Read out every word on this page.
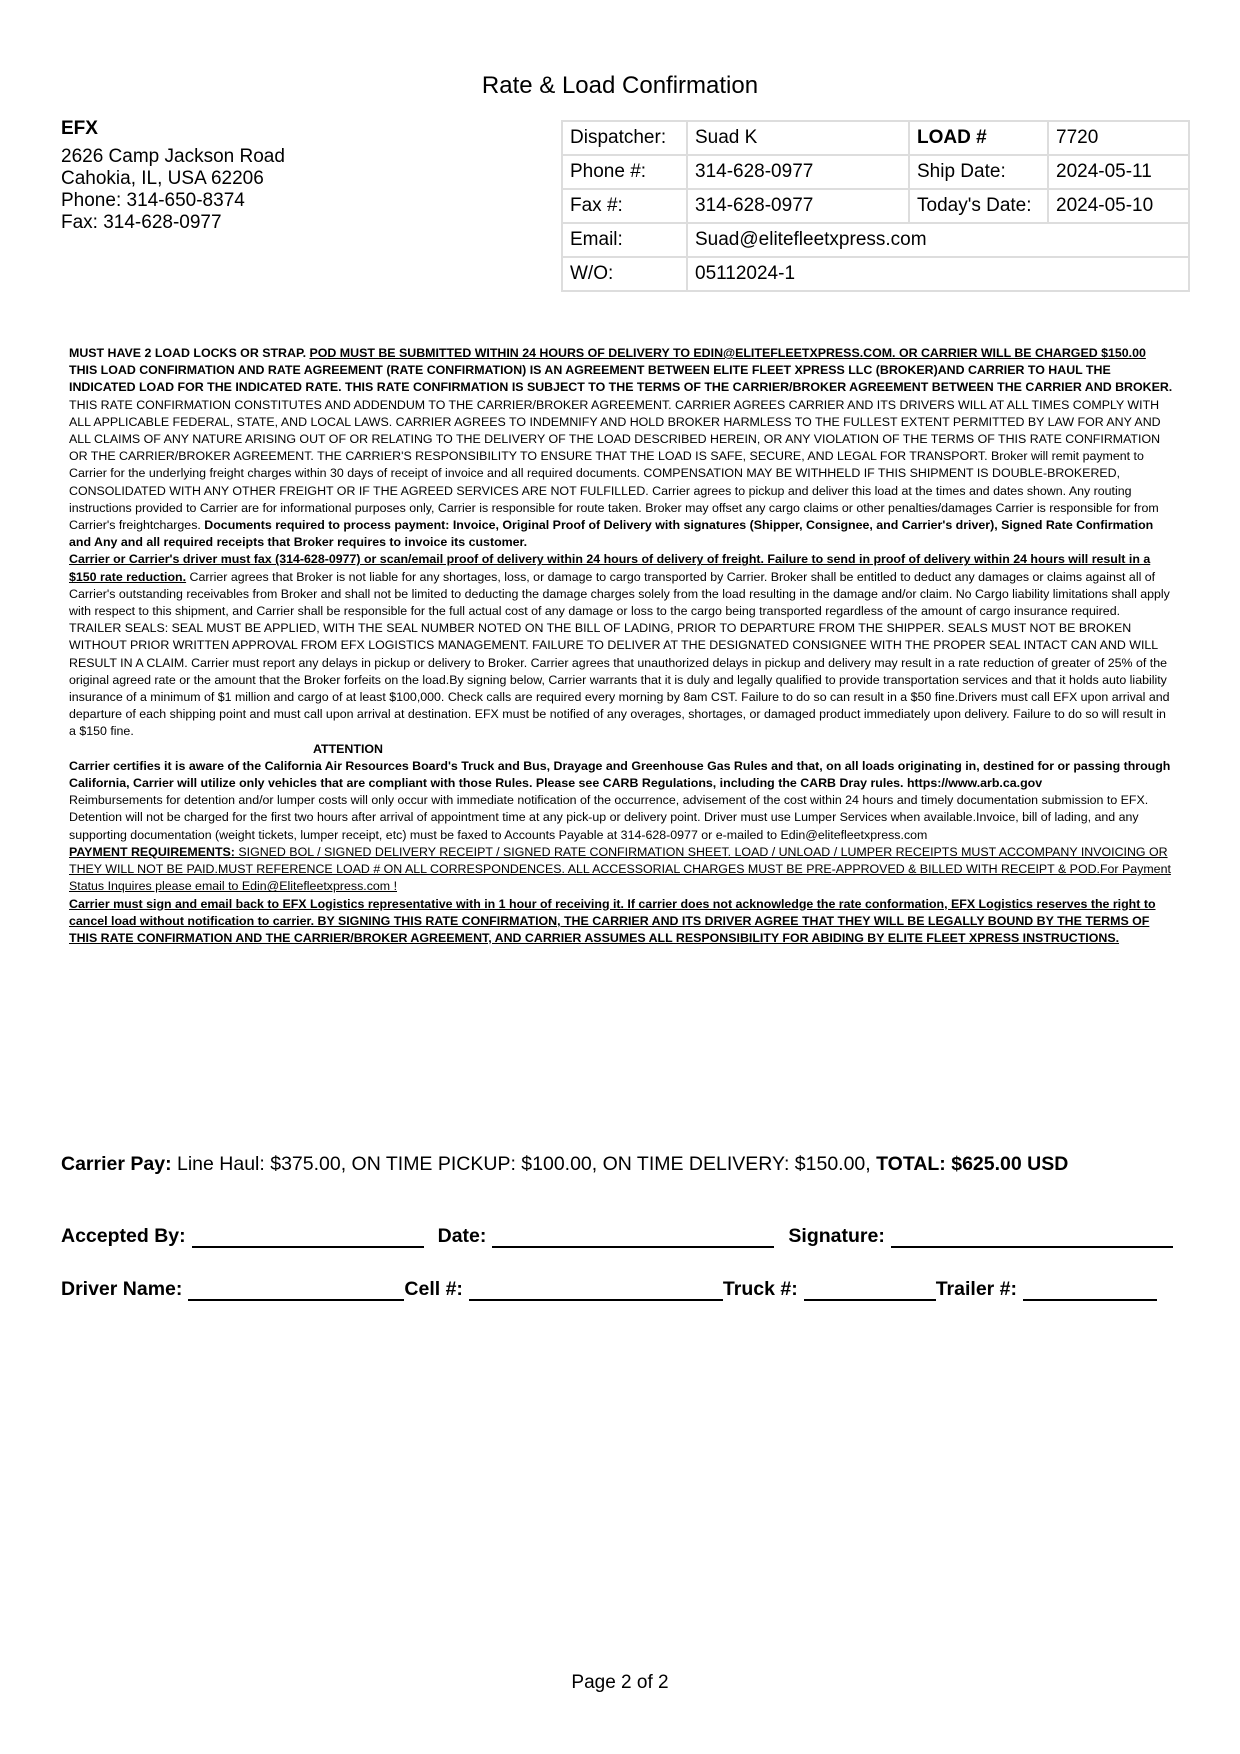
Rate & Load Confirmation
EFX
2626 Camp Jackson Road
Cahokia, IL, USA 62206
Phone: 314-650-8374
Fax: 314-628-0977
Dispatcher:	Suad K	LOAD #	7720
Phone #:	314-628-0977	Ship Date:	2024-05-11
Fax #:	314-628-0977	Today's Date:	2024-05-10
Email:	Suad@elitefleetxpress.com		
W/O:	05112024-1		

MUST HAVE 2 LOAD LOCKS OR STRAP. POD MUST BE SUBMITTED WITHIN 24 HOURS OF DELIVERY TO EDIN@ELITEFLEETXPRESS.COM. OR CARRIER WILL BE CHARGED $150.00 THIS LOAD CONFIRMATION AND RATE AGREEMENT (RATE CONFIRMATION) IS AN AGREEMENT BETWEEN ELITE FLEET XPRESS LLC (BROKER)AND CARRIER TO HAUL THE INDICATED LOAD FOR THE INDICATED RATE. THIS RATE CONFIRMATION IS SUBJECT TO THE TERMS OF THE CARRIER/BROKER AGREEMENT BETWEEN THE CARRIER AND BROKER. THIS RATE CONFIRMATION CONSTITUTES AND ADDENDUM TO THE CARRIER/BROKER AGREEMENT. CARRIER AGREES CARRIER AND ITS DRIVERS WILL AT ALL TIMES COMPLY WITH ALL APPLICABLE FEDERAL, STATE, AND LOCAL LAWS. CARRIER AGREES TO INDEMNIFY AND HOLD BROKER HARMLESS TO THE FULLEST EXTENT PERMITTED BY LAW FOR ANY AND ALL CLAIMS OF ANY NATURE ARISING OUT OF OR RELATING TO THE DELIVERY OF THE LOAD DESCRIBED HEREIN, OR ANY VIOLATION OF THE TERMS OF THIS RATE CONFIRMATION OR THE CARRIER/BROKER AGREEMENT. THE CARRIER'S RESPONSIBILITY TO ENSURE THAT THE LOAD IS SAFE, SECURE, AND LEGAL FOR TRANSPORT. Broker will remit payment to Carrier for the underlying freight charges within 30 days of receipt of invoice and all required documents. COMPENSATION MAY BE WITHHELD IF THIS SHIPMENT IS DOUBLE-BROKERED, CONSOLIDATED WITH ANY OTHER FREIGHT OR IF THE AGREED SERVICES ARE NOT FULFILLED. Carrier agrees to pickup and deliver this load at the times and dates shown. Any routing instructions provided to Carrier are for informational purposes only, Carrier is responsible for route taken. Broker may offset any cargo claims or other penalties/damages Carrier is responsible for from Carrier's freightcharges. Documents required to process payment: Invoice, Original Proof of Delivery with signatures (Shipper, Consignee, and Carrier's driver), Signed Rate Confirmation and Any and all required receipts that Broker requires to invoice its customer.

Carrier or Carrier's driver must fax (314-628-0977) or scan/email proof of delivery within 24 hours of delivery of freight. Failure to send in proof of delivery within 24 hours will result in a $150 rate reduction. Carrier agrees that Broker is not liable for any shortages, loss, or damage to cargo transported by Carrier. Broker shall be entitled to deduct any damages or claims against all of Carrier's outstanding receivables from Broker and shall not be limited to deducting the damage charges solely from the load resulting in the damage and/or claim. No Cargo liability limitations shall apply with respect to this shipment, and Carrier shall be responsible for the full actual cost of any damage or loss to the cargo being transported regardless of the amount of cargo insurance required. TRAILER SEALS: SEAL MUST BE APPLIED, WITH THE SEAL NUMBER NOTED ON THE BILL OF LADING, PRIOR TO DEPARTURE FROM THE SHIPPER. SEALS MUST NOT BE BROKEN WITHOUT PRIOR WRITTEN APPROVAL FROM EFX LOGISTICS MANAGEMENT. FAILURE TO DELIVER AT THE DESIGNATED CONSIGNEE WITH THE PROPER SEAL INTACT CAN AND WILL RESULT IN A CLAIM. Carrier must report any delays in pickup or delivery to Broker. Carrier agrees that unauthorized delays in pickup and delivery may result in a rate reduction of greater of 25% of the original agreed rate or the amount that the Broker forfeits on the load.By signing below, Carrier warrants that it is duly and legally qualified to provide transportation services and that it holds auto liability insurance of a minimum of $1 million and cargo of at least $100,000. Check calls are required every morning by 8am CST. Failure to do so can result in a $50 fine.Drivers must call EFX upon arrival and departure of each shipping point and must call upon arrival at destination. EFX must be notified of any overages, shortages, or damaged product immediately upon delivery. Failure to do so will result in a $150 fine.

ATTENTION

Carrier certifies it is aware of the California Air Resources Board's Truck and Bus, Drayage and Greenhouse Gas Rules and that, on all loads originating in, destined for or passing through California, Carrier will utilize only vehicles that are compliant with those Rules. Please see CARB Regulations, including the CARB Dray rules. https://www.arb.ca.gov

Reimbursements for detention and/or lumper costs will only occur with immediate notification of the occurrence, advisement of the cost within 24 hours and timely documentation submission to EFX. Detention will not be charged for the first two hours after arrival of appointment time at any pick-up or delivery point. Driver must use Lumper Services when available.Invoice, bill of lading, and any supporting documentation (weight tickets, lumper receipt, etc) must be faxed to Accounts Payable at 314-628-0977 or e-mailed to Edin@elitefleetxpress.com

PAYMENT REQUIREMENTS: SIGNED BOL / SIGNED DELIVERY RECEIPT / SIGNED RATE CONFIRMATION SHEET. LOAD / UNLOAD / LUMPER RECEIPTS MUST ACCOMPANY INVOICING OR THEY WILL NOT BE PAID.MUST REFERENCE LOAD # ON ALL CORRESPONDENCES. ALL ACCESSORIAL CHARGES MUST BE PRE-APPROVED & BILLED WITH RECEIPT & POD.For Payment Status Inquires please email to Edin@Elitefleetxpress.com !

Carrier must sign and email back to EFX Logistics representative with in 1 hour of receiving it. If carrier does not acknowledge the rate conformation, EFX Logistics reserves the right to cancel load without notification to carrier. BY SIGNING THIS RATE CONFIRMATION, THE CARRIER AND ITS DRIVER AGREE THAT THEY WILL BE LEGALLY BOUND BY THE TERMS OF THIS RATE CONFIRMATION AND THE CARRIER/BROKER AGREEMENT, AND CARRIER ASSUMES ALL RESPONSIBILITY FOR ABIDING BY ELITE FLEET XPRESS INSTRUCTIONS.

Carrier Pay: Line Haul: $375.00, ON TIME PICKUP: $100.00, ON TIME DELIVERY: $150.00, TOTAL: $625.00 USD
Accepted By:	Date:	Signature:
Driver Name:	Cell #:	Truck #:	Trailer #:
Page 2 of 2
